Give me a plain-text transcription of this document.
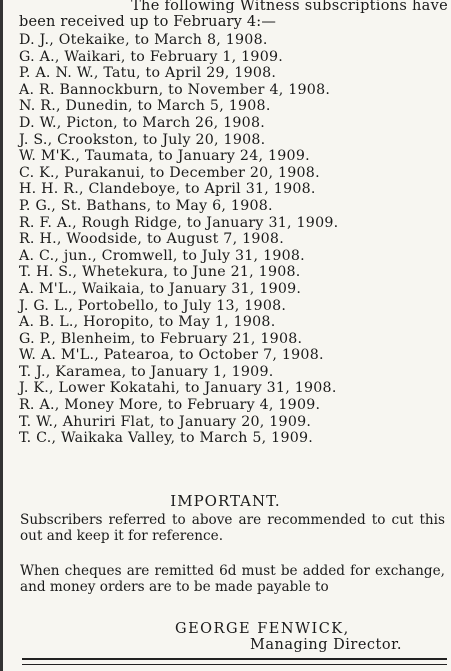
The following Witness subscriptions have
been received up to February 4:—

D. J., Otekaike, to March 8, 1908.
G. A., Waikari, to February 1, 1909.
P. A. N. W., Tatu, to April 29, 1908.
A. R. Bannockburn, to November 4, 1908.
N. R., Dunedin, to March 5, 1908.
D. W., Picton, to March 26, 1908.
J. S., Crookston, to July 20, 1908.
W. M'K., Taumata, to January 24, 1909.
C. K., Purakanui, to December 20, 1908.
H. H. R., Clandeboye, to April 31, 1908.
P. G., St. Bathans, to May 6, 1908.
R. F. A., Rough Ridge, to January 31, 1909.
R. H., Woodside, to August 7, 1908.
A. C., jun., Cromwell, to July 31, 1908.
T. H. S., Whetekura, to June 21, 1908.
A. M'L., Waikaia, to January 31, 1909.
J. G. L., Portobello, to July 13, 1908.
A. B. L., Horopito, to May 1, 1908.
G. P., Blenheim, to February 21, 1908.
W. A. M'L., Patearoa, to October 7, 1908.
T. J., Karamea, to January 1, 1909.
J. K., Lower Kokatahi, to January 31, 1908.
R. A., Money More, to February 4, 1909.
T. W., Ahuriri Flat, to January 20, 1909.
T. C., Waikaka Valley, to March 5, 1909.
IMPORTANT.

Subscribers referred to above are recommended to cut this out and keep it for reference.

When cheques are remitted 6d must be added for exchange, and money orders are to be made payable to

GEORGE FENWICK,

Managing Director.
